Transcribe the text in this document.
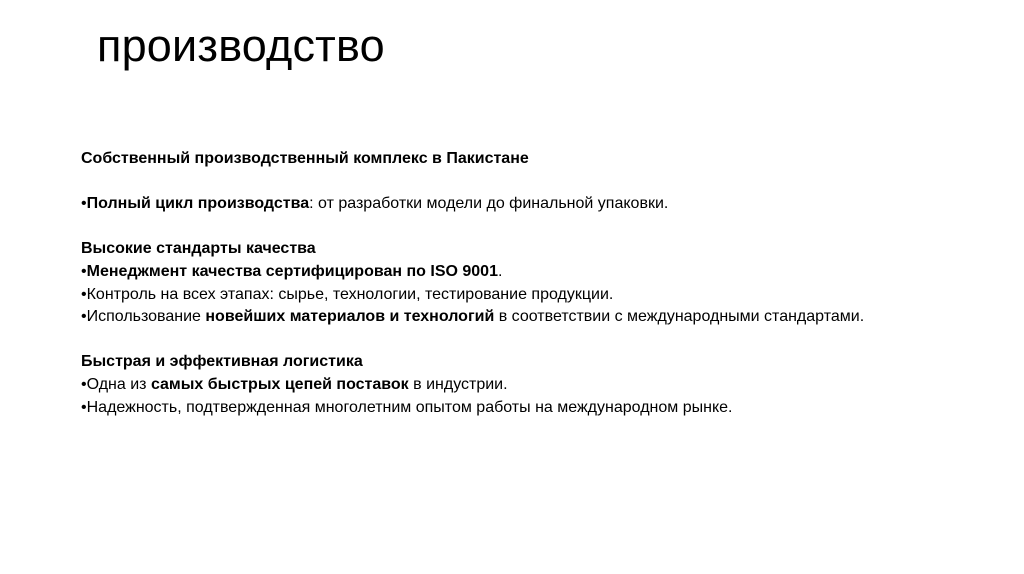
производство
Собственный производственный комплекс в Пакистане
•Полный цикл производства: от разработки модели до финальной упаковки.
Высокие стандарты качества
•Менеджмент качества сертифицирован по ISO 9001.
•Контроль на всех этапах: сырье, технологии, тестирование продукции.
•Использование новейших материалов и технологий в соответствии с международными стандартами.
Быстрая и эффективная логистика
•Одна из самых быстрых цепей поставок в индустрии.
•Надежность, подтвержденная многолетним опытом работы на международном рынке.
